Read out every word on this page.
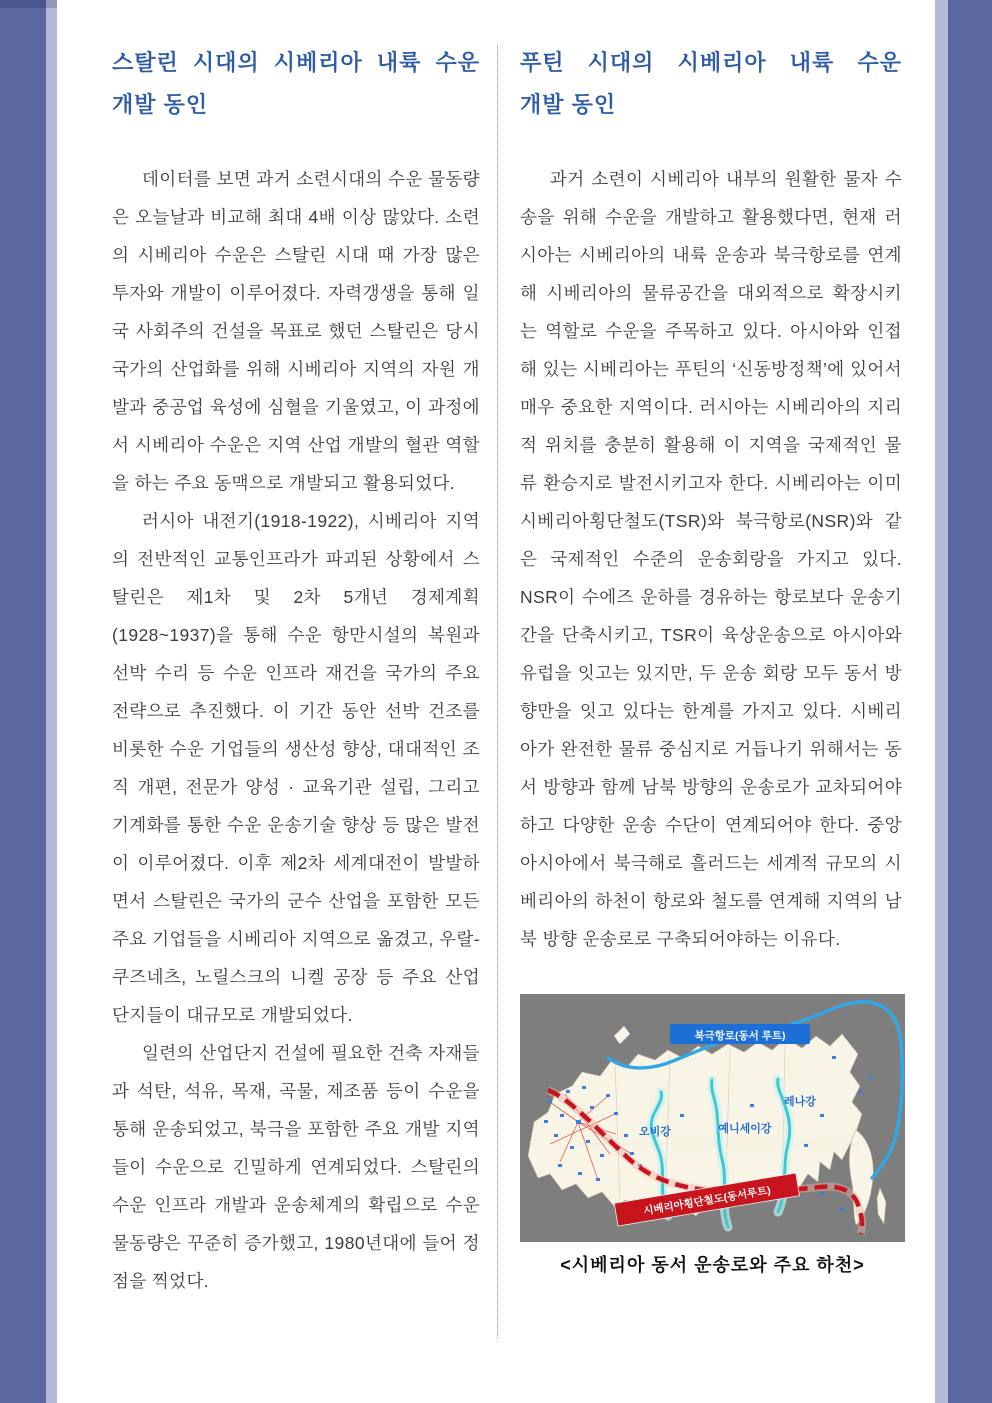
스탈린 시대의 시베리아 내륙 수운
개발 동인

데이터를 보면 과거 소련시대의 수운 물동량은 오늘날과 비교해 최대 4배 이상 많았다. 소련의 시베리아 수운은 스탈린 시대 때 가장 많은 투자와 개발이 이루어졌다. 자력갱생을 통해 일국 사회주의 건설을 목표로 했던 스탈린은 당시 국가의 산업화를 위해 시베리아 지역의 자원 개발과 중공업 육성에 심혈을 기울였고, 이 과정에서 시베리아 수운은 지역 산업 개발의 혈관 역할을 하는 주요 동맥으로 개발되고 활용되었다.

러시아 내전기(1918-1922), 시베리아 지역의 전반적인 교통인프라가 파괴된 상황에서 스탈린은 제1차 및 2차 5개년 경제계획 (1928~1937)을 통해 수운 항만시설의 복원과 선박 수리 등 수운 인프라 재건을 국가의 주요 전략으로 추진했다. 이 기간 동안 선박 건조를 비롯한 수운 기업들의 생산성 향상, 대대적인 조직 개편, 전문가 양성 · 교육기관 설립, 그리고 기계화를 통한 수운 운송기술 향상 등 많은 발전이 이루어졌다. 이후 제2차 세계대전이 발발하면서 스탈린은 국가의 군수 산업을 포함한 모든 주요 기업들을 시베리아 지역으로 옮겼고, 우랄-쿠즈네츠, 노릴스크의 니켈 공장 등 주요 산업 단지들이 대규모로 개발되었다.

일련의 산업단지 건설에 필요한 건축 자재들과 석탄, 석유, 목재, 곡물, 제조품 등이 수운을 통해 운송되었고, 북극을 포함한 주요 개발 지역들이 수운으로 긴밀하게 연계되었다. 스탈린의 수운 인프라 개발과 운송체계의 확립으로 수운 물동량은 꾸준히 증가했고, 1980년대에 들어 정점을 찍었다.

푸틴 시대의 시베리아 내륙 수운
개발 동인

과거 소련이 시베리아 내부의 원활한 물자 수송을 위해 수운을 개발하고 활용했다면, 현재 러시아는 시베리아의 내륙 운송과 북극항로를 연계해 시베리아의 물류공간을 대외적으로 확장시키는 역할로 수운을 주목하고 있다. 아시아와 인접해 있는 시베리아는 푸틴의 ‘신동방정책’에 있어서 매우 중요한 지역이다. 러시아는 시베리아의 지리적 위치를 충분히 활용해 이 지역을 국제적인 물류 환승지로 발전시키고자 한다. 시베리아는 이미 시베리아횡단철도(TSR)와 북극항로(NSR)와 같은 국제적인 수준의 운송회랑을 가지고 있다. NSR이 수에즈 운하를 경유하는 항로보다 운송기간을 단축시키고, TSR이 육상운송으로 아시아와 유럽을 잇고는 있지만, 두 운송 회랑 모두 동서 방향만을 잇고 있다는 한계를 가지고 있다. 시베리아가 완전한 물류 중심지로 거듭나기 위해서는 동서 방향과 함께 남북 방향의 운송로가 교차되어야 하고 다양한 운송 수단이 연계되어야 한다. 중앙아시아에서 북극해로 흘러드는 세계적 규모의 시베리아의 하천이 항로와 철도를 연계해 지역의 남북 방향 운송로로 구축되어야하는 이유다.

오비강	예니세이강
레나강
북극항로(동서 루트)
시베리아횡단철도(동서루트)
<시베리아 동서 운송로와 주요 하천>
